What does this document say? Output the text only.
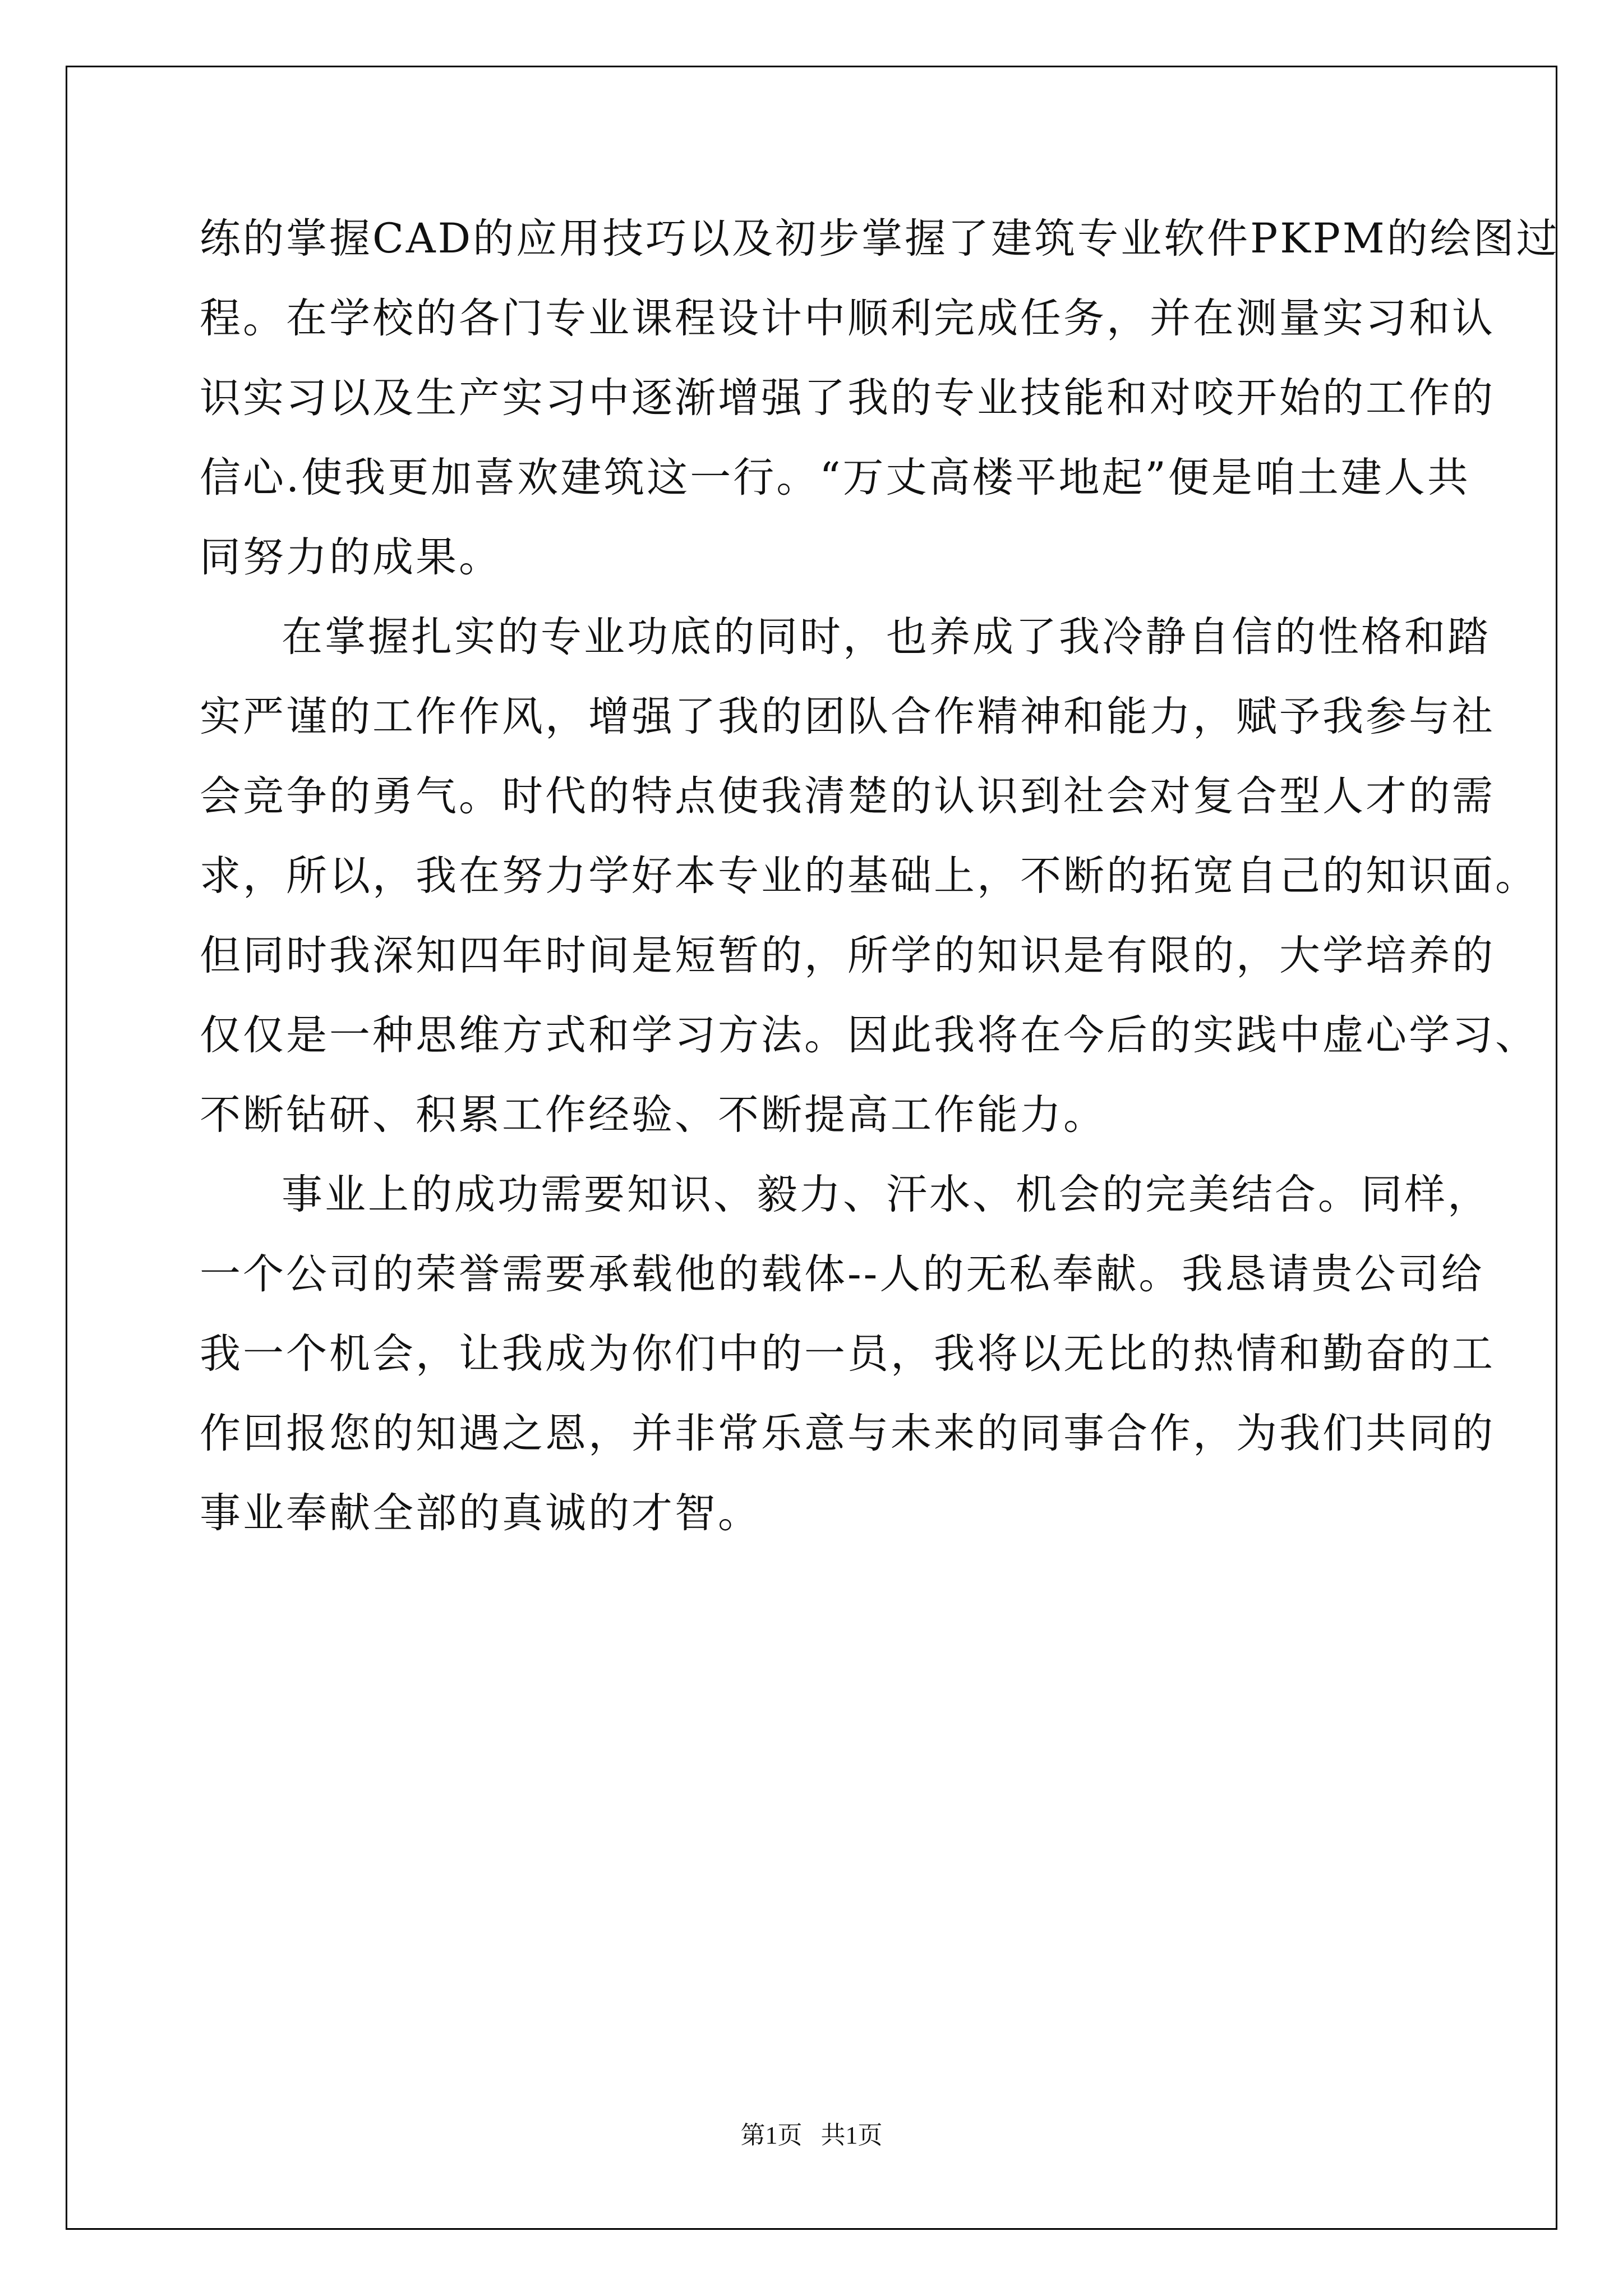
练的掌握CAD的应用技巧以及初步掌握了建筑专业软件PKPM的绘图过
程。在学校的各门专业课程设计中顺利完成任务，并在测量实习和认
识实习以及生产实习中逐渐增强了我的专业技能和对咬开始的工作的
信心.使我更加喜欢建筑这一行。“万丈高楼平地起”便是咱土建人共
同努力的成果。
在掌握扎实的专业功底的同时，也养成了我冷静自信的性格和踏
实严谨的工作作风，增强了我的团队合作精神和能力，赋予我参与社
会竞争的勇气。时代的特点使我清楚的认识到社会对复合型人才的需
求，所以，我在努力学好本专业的基础上，不断的拓宽自己的知识面。
但同时我深知四年时间是短暂的，所学的知识是有限的，大学培养的
仅仅是一种思维方式和学习方法。因此我将在今后的实践中虚心学习、
不断钻研、积累工作经验、不断提高工作能力。
事业上的成功需要知识、毅力、汗水、机会的完美结合。同样，
一个公司的荣誉需要承载他的载体--人的无私奉献。我恳请贵公司给
我一个机会，让我成为你们中的一员，我将以无比的热情和勤奋的工
作回报您的知遇之恩，并非常乐意与未来的同事合作，为我们共同的
事业奉献全部的真诚的才智。
第1页   共1页
